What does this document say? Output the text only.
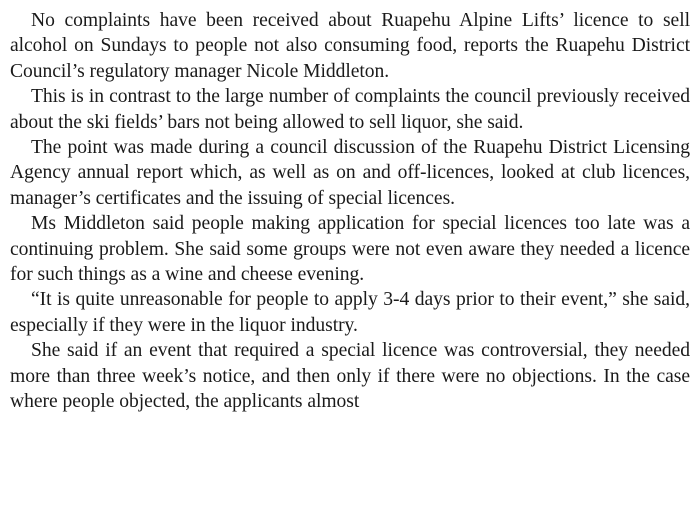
No complaints have been received about Ruapehu Alpine Lifts’ licence to sell alcohol on Sundays to people not also consuming food, reports the Ruapehu District Council’s regulatory manager Nicole Middleton.

This is in contrast to the large number of complaints the council previously received about the ski fields’ bars not being allowed to sell liquor, she said.

The point was made during a council discussion of the Ruapehu District Licensing Agency annual report which, as well as on and off-licences, looked at club licences, manager’s certificates and the issuing of special licences.

Ms Middleton said people making application for special licences too late was a continuing problem. She said some groups were not even aware they needed a licence for such things as a wine and cheese evening.

“It is quite unreasonable for people to apply 3-4 days prior to their event,” she said, especially if they were in the liquor industry.

She said if an event that required a special licence was controversial, they needed more than three week’s notice, and then only if there were no objections. In the case where people objected, the applicants almost
